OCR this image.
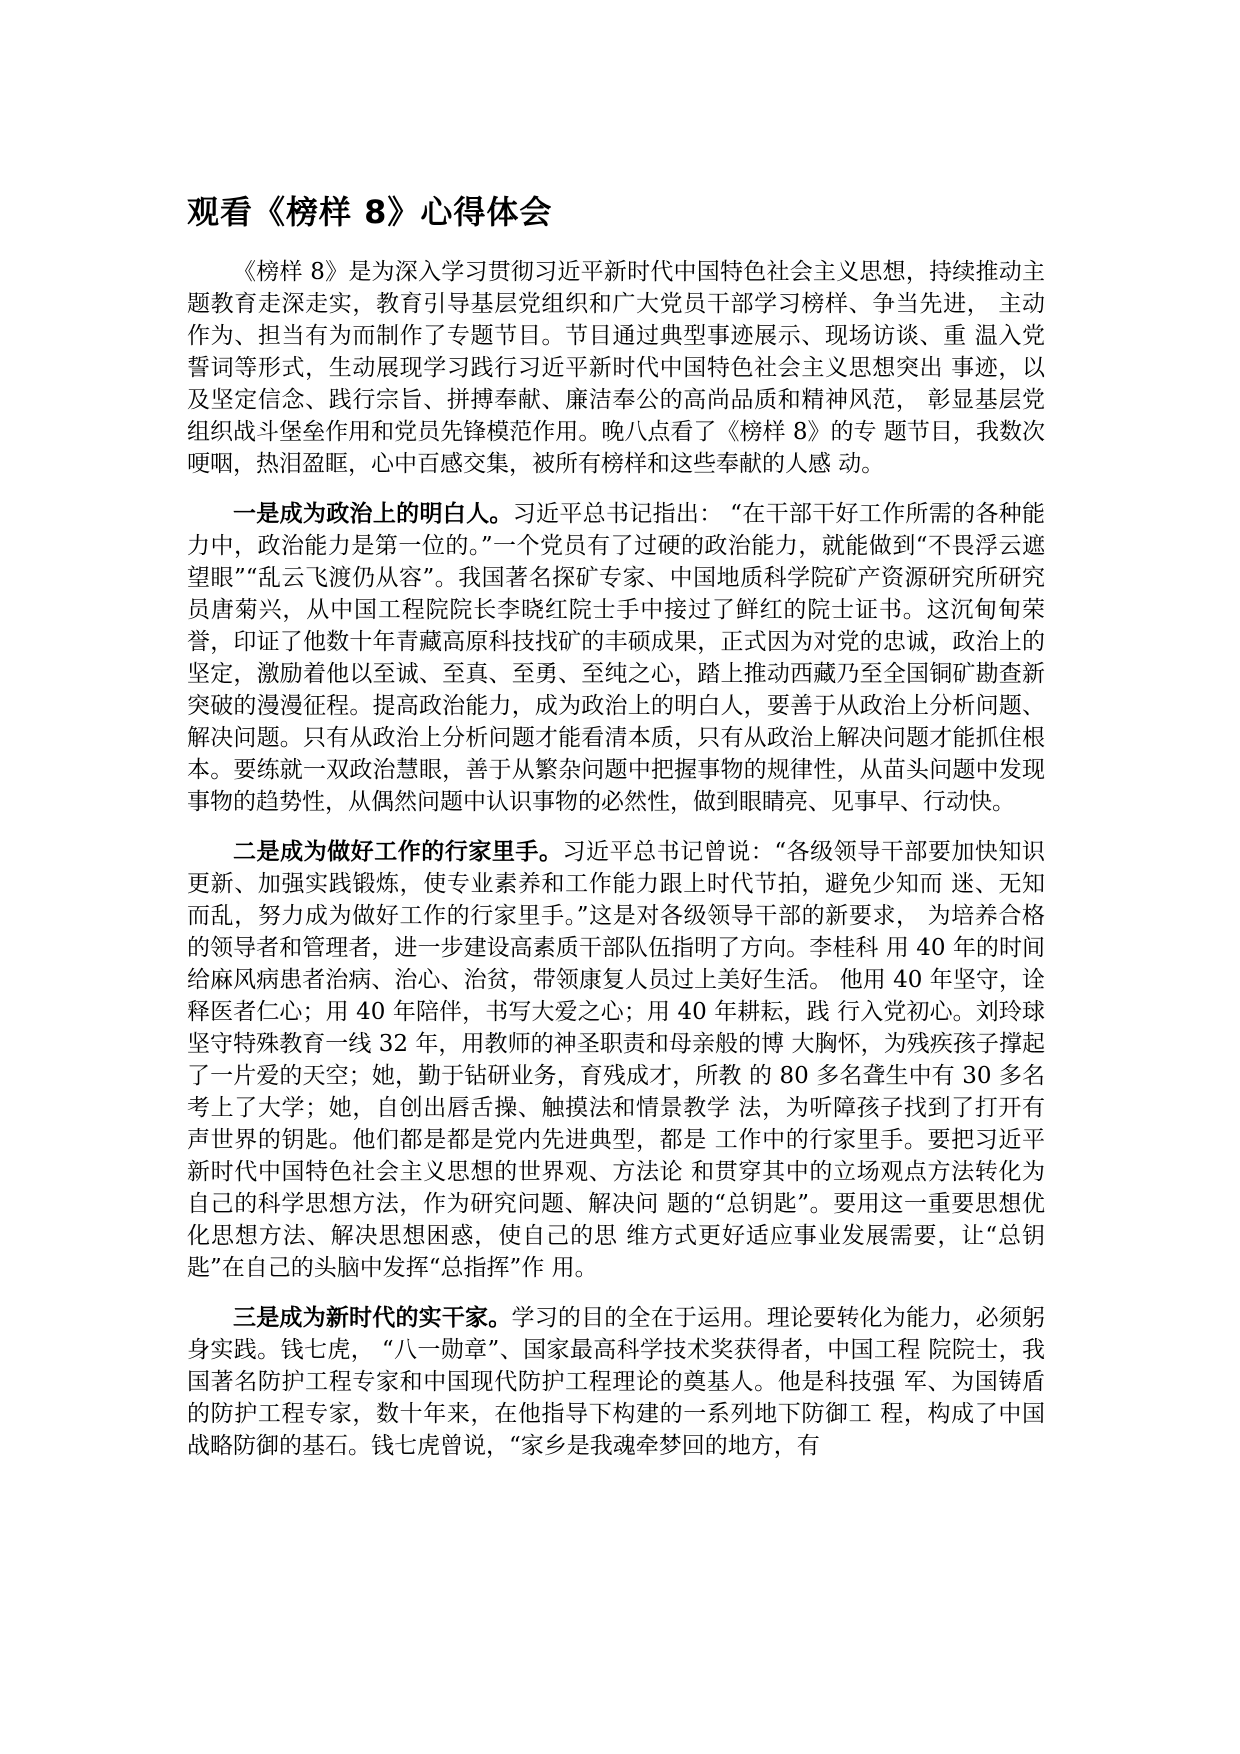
观看《榜样 8》心得体会

《榜样 8》是为深入学习贯彻习近平新时代中国特色社会主义思想，持续推动主题教育走深走实，教育引导基层党组织和广大党员干部学习榜样、争当先进， 主动作为、担当有为而制作了专题节目。节目通过典型事迹展示、现场访谈、重 温入党誓词等形式，生动展现学习践行习近平新时代中国特色社会主义思想突出 事迹，以及坚定信念、践行宗旨、拼搏奉献、廉洁奉公的高尚品质和精神风范， 彰显基层党组织战斗堡垒作用和党员先锋模范作用。晚八点看了《榜样 8》的专 题节目，我数次哽咽，热泪盈眶，心中百感交集，被所有榜样和这些奉献的人感 动。

一是成为政治上的明白人。习近平总书记指出： “在干部干好工作所需的各种能力中，政治能力是第一位的。”一个党员有了过硬的政治能力，就能做到“不畏浮云遮望眼”“乱云飞渡仍从容”。我国著名探矿专家、中国地质科学院矿产资源研究所研究员唐菊兴，从中国工程院院长李晓红院士手中接过了鲜红的院士证书。这沉甸甸荣誉，印证了他数十年青藏高原科技找矿的丰硕成果，正式因为对党的忠诚，政治上的坚定，激励着他以至诚、至真、至勇、至纯之心，踏上推动西藏乃至全国铜矿勘查新突破的漫漫征程。提高政治能力，成为政治上的明白人，要善于从政治上分析问题、解决问题。只有从政治上分析问题才能看清本质，只有从政治上解决问题才能抓住根本。要练就一双政治慧眼，善于从繁杂问题中把握事物的规律性，从苗头问题中发现事物的趋势性，从偶然问题中认识事物的必然性，做到眼睛亮、见事早、行动快。

二是成为做好工作的行家里手。习近平总书记曾说：“各级领导干部要加快知识更新、加强实践锻炼，使专业素养和工作能力跟上时代节拍，避免少知而 迷、无知而乱，努力成为做好工作的行家里手。”这是对各级领导干部的新要求， 为培养合格的领导者和管理者，进一步建设高素质干部队伍指明了方向。李桂科 用 40 年的时间给麻风病患者治病、治心、治贫，带领康复人员过上美好生活。 他用 40 年坚守，诠释医者仁心；用 40 年陪伴，书写大爱之心；用 40 年耕耘，践 行入党初心。刘玲球坚守特殊教育一线 32 年，用教师的神圣职责和母亲般的博 大胸怀，为残疾孩子撑起了一片爱的天空；她，勤于钻研业务，育残成才，所教 的 80 多名聋生中有 30 多名考上了大学；她，自创出唇舌操、触摸法和情景教学 法，为听障孩子找到了打开有声世界的钥匙。他们都是都是党内先进典型，都是 工作中的行家里手。要把习近平新时代中国特色社会主义思想的世界观、方法论 和贯穿其中的立场观点方法转化为自己的科学思想方法，作为研究问题、解决问 题的“总钥匙”。要用这一重要思想优化思想方法、解决思想困惑，使自己的思 维方式更好适应事业发展需要，让“总钥匙”在自己的头脑中发挥“总指挥”作 用。

三是成为新时代的实干家。学习的目的全在于运用。理论要转化为能力，必须躬身实践。钱七虎， “八一勋章”、国家最高科学技术奖获得者，中国工程 院院士，我国著名防护工程专家和中国现代防护工程理论的奠基人。他是科技强 军、为国铸盾的防护工程专家，数十年来，在他指导下构建的一系列地下防御工 程，构成了中国战略防御的基石。钱七虎曾说，“家乡是我魂牵梦回的地方，有
